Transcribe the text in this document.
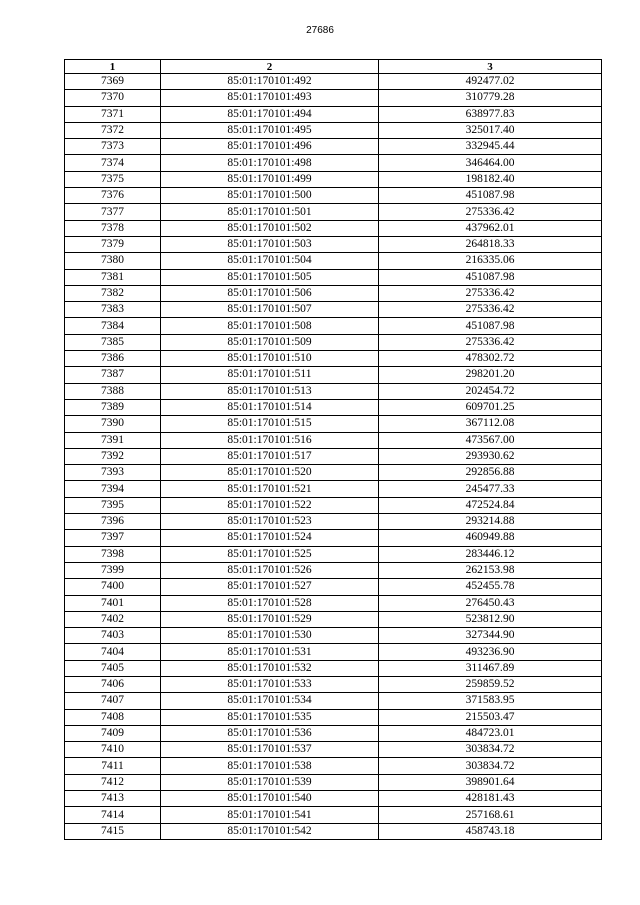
27686
1	2	3
7369	85:01:170101:492	492477.02
7370	85:01:170101:493	310779.28
7371	85:01:170101:494	638977.83
7372	85:01:170101:495	325017.40
7373	85:01:170101:496	332945.44
7374	85:01:170101:498	346464.00
7375	85:01:170101:499	198182.40
7376	85:01:170101:500	451087.98
7377	85:01:170101:501	275336.42
7378	85:01:170101:502	437962.01
7379	85:01:170101:503	264818.33
7380	85:01:170101:504	216335.06
7381	85:01:170101:505	451087.98
7382	85:01:170101:506	275336.42
7383	85:01:170101:507	275336.42
7384	85:01:170101:508	451087.98
7385	85:01:170101:509	275336.42
7386	85:01:170101:510	478302.72
7387	85:01:170101:511	298201.20
7388	85:01:170101:513	202454.72
7389	85:01:170101:514	609701.25
7390	85:01:170101:515	367112.08
7391	85:01:170101:516	473567.00
7392	85:01:170101:517	293930.62
7393	85:01:170101:520	292856.88
7394	85:01:170101:521	245477.33
7395	85:01:170101:522	472524.84
7396	85:01:170101:523	293214.88
7397	85:01:170101:524	460949.88
7398	85:01:170101:525	283446.12
7399	85:01:170101:526	262153.98
7400	85:01:170101:527	452455.78
7401	85:01:170101:528	276450.43
7402	85:01:170101:529	523812.90
7403	85:01:170101:530	327344.90
7404	85:01:170101:531	493236.90
7405	85:01:170101:532	311467.89
7406	85:01:170101:533	259859.52
7407	85:01:170101:534	371583.95
7408	85:01:170101:535	215503.47
7409	85:01:170101:536	484723.01
7410	85:01:170101:537	303834.72
7411	85:01:170101:538	303834.72
7412	85:01:170101:539	398901.64
7413	85:01:170101:540	428181.43
7414	85:01:170101:541	257168.61
7415	85:01:170101:542	458743.18
